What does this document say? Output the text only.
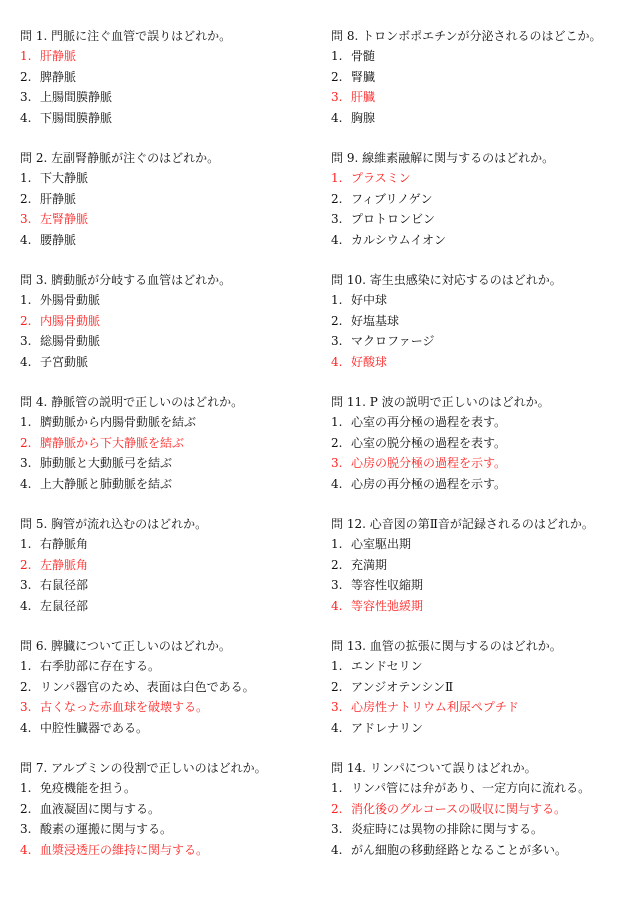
問 1. 門脈に注ぐ血管で誤りはどれか。

1. 肝静脈
2. 脾静脈
3. 上腸間膜静脈
4. 下腸間膜静脈

問 2. 左副腎静脈が注ぐのはどれか。

1. 下大静脈
2. 肝静脈
3. 左腎静脈
4. 腰静脈

問 3. 臍動脈が分岐する血管はどれか。

1. 外腸骨動脈
2. 内腸骨動脈
3. 総腸骨動脈
4. 子宮動脈

問 4. 静脈管の説明で正しいのはどれか。

1. 臍動脈から内腸骨動脈を結ぶ
2. 臍静脈から下大静脈を結ぶ
3. 肺動脈と大動脈弓を結ぶ
4. 上大静脈と肺動脈を結ぶ

問 5. 胸管が流れ込むのはどれか。

1. 右静脈角
2. 左静脈角
3. 右鼠径部
4. 左鼠径部

問 6. 脾臓について正しいのはどれか。

1. 右季肋部に存在する。
2. リンパ器官のため、表面は白色である。
3. 古くなった赤血球を破壊する。
4. 中腔性臓器である。

問 7. アルブミンの役割で正しいのはどれか。

1. 免疫機能を担う。
2. 血液凝固に関与する。
3. 酸素の運搬に関与する。
4. 血漿浸透圧の維持に関与する。

問 8. トロンボポエチンが分泌されるのはどこか。

1. 骨髄
2. 腎臓
3. 肝臓
4. 胸腺

問 9. 線維素融解に関与するのはどれか。

1. プラスミン
2. フィブリノゲン
3. プロトロンビン
4. カルシウムイオン

問 10. 寄生虫感染に対応するのはどれか。

1. 好中球
2. 好塩基球
3. マクロファージ
4. 好酸球

問 11. P 波の説明で正しいのはどれか。

1. 心室の再分極の過程を表す。
2. 心室の脱分極の過程を表す。
3. 心房の脱分極の過程を示す。
4. 心房の再分極の過程を示す。

問 12. 心音図の第Ⅱ音が記録されるのはどれか。

1. 心室駆出期
2. 充満期
3. 等容性収縮期
4. 等容性弛緩期

問 13. 血管の拡張に関与するのはどれか。

1. エンドセリン
2. アンジオテンシンⅡ
3. 心房性ナトリウム利尿ペプチド
4. アドレナリン

問 14. リンパについて誤りはどれか。

1. リンパ管には弁があり、一定方向に流れる。
2. 消化後のグルコースの吸収に関与する。
3. 炎症時には異物の排除に関与する。
4. がん細胞の移動経路となることが多い。
